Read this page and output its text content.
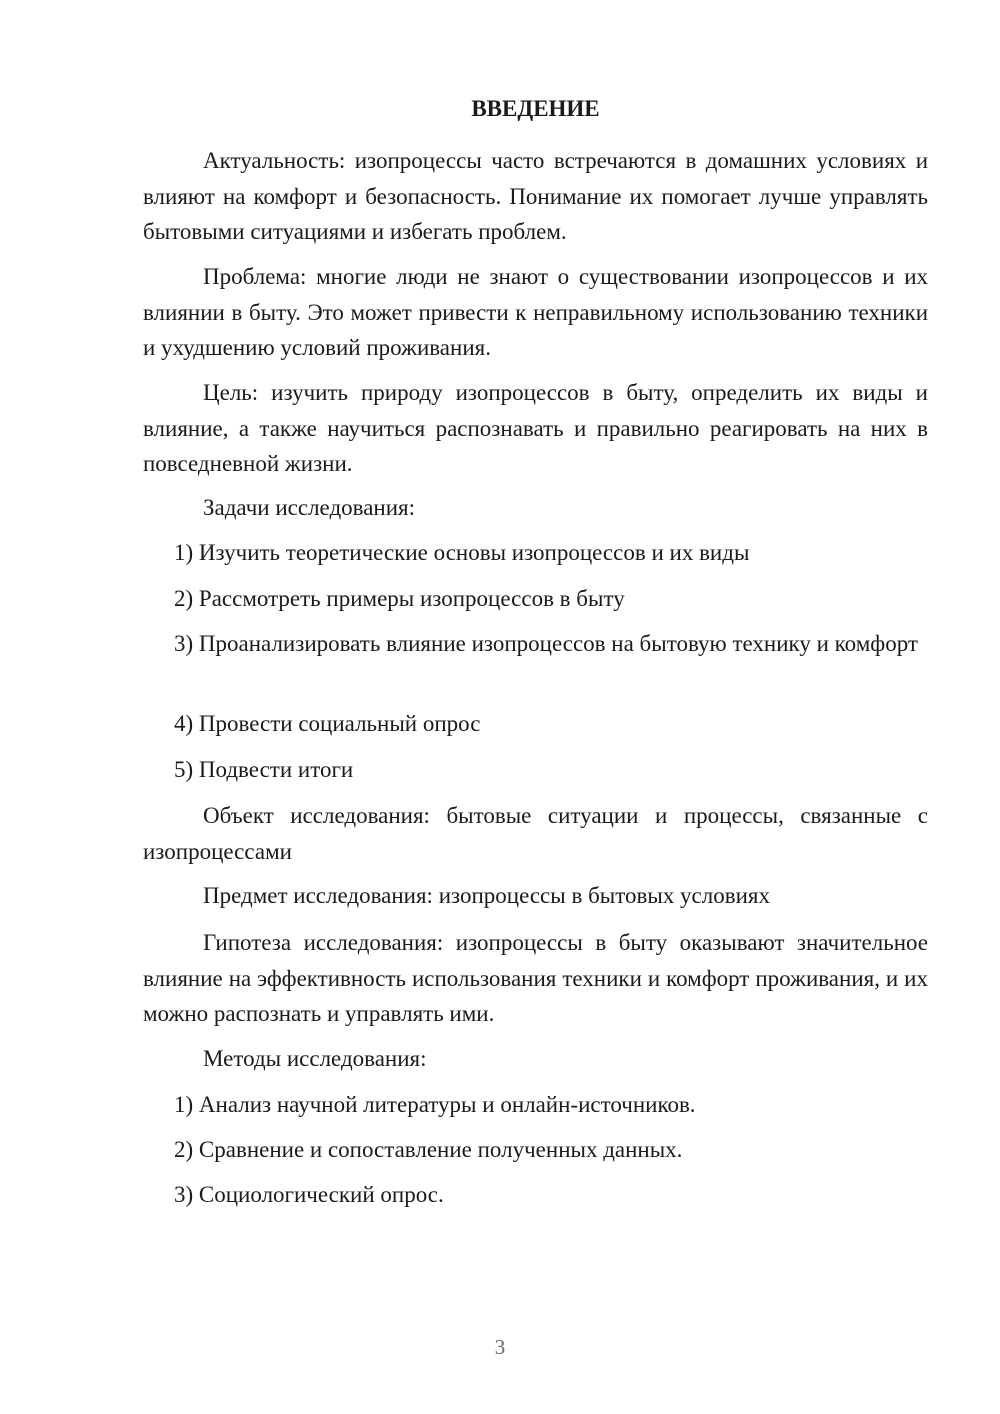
ВВЕДЕНИЕ

Актуальность: изопроцессы часто встречаются в домашних условиях и влияют на комфорт и безопасность. Понимание их помогает лучше управлять бытовыми ситуациями и избегать проблем.

Проблема: многие люди не знают о существовании изопроцессов и их влиянии в быту. Это может привести к неправильному использованию техники и ухудшению условий проживания.

Цель: изучить природу изопроцессов в быту, определить их виды и влияние, а также научиться распознавать и правильно реагировать на них в повседневной жизни.

Задачи исследования:

1) Изучить теоретические основы изопроцессов и их виды

2) Рассмотреть примеры изопроцессов в быту

3) Проанализировать влияние изопроцессов на бытовую технику и комфорт

4) Провести социальный опрос

5) Подвести итоги

Объект исследования: бытовые ситуации и процессы, связанные с изопроцессами

Предмет исследования: изопроцессы в бытовых условиях

Гипотеза исследования: изопроцессы в быту оказывают значительное влияние на эффективность использования техники и комфорт проживания, и их можно распознать и управлять ими.

Методы исследования:

1) Анализ научной литературы и онлайн-источников.

2) Сравнение и сопоставление полученных данных.

3) Социологический опрос.

3
